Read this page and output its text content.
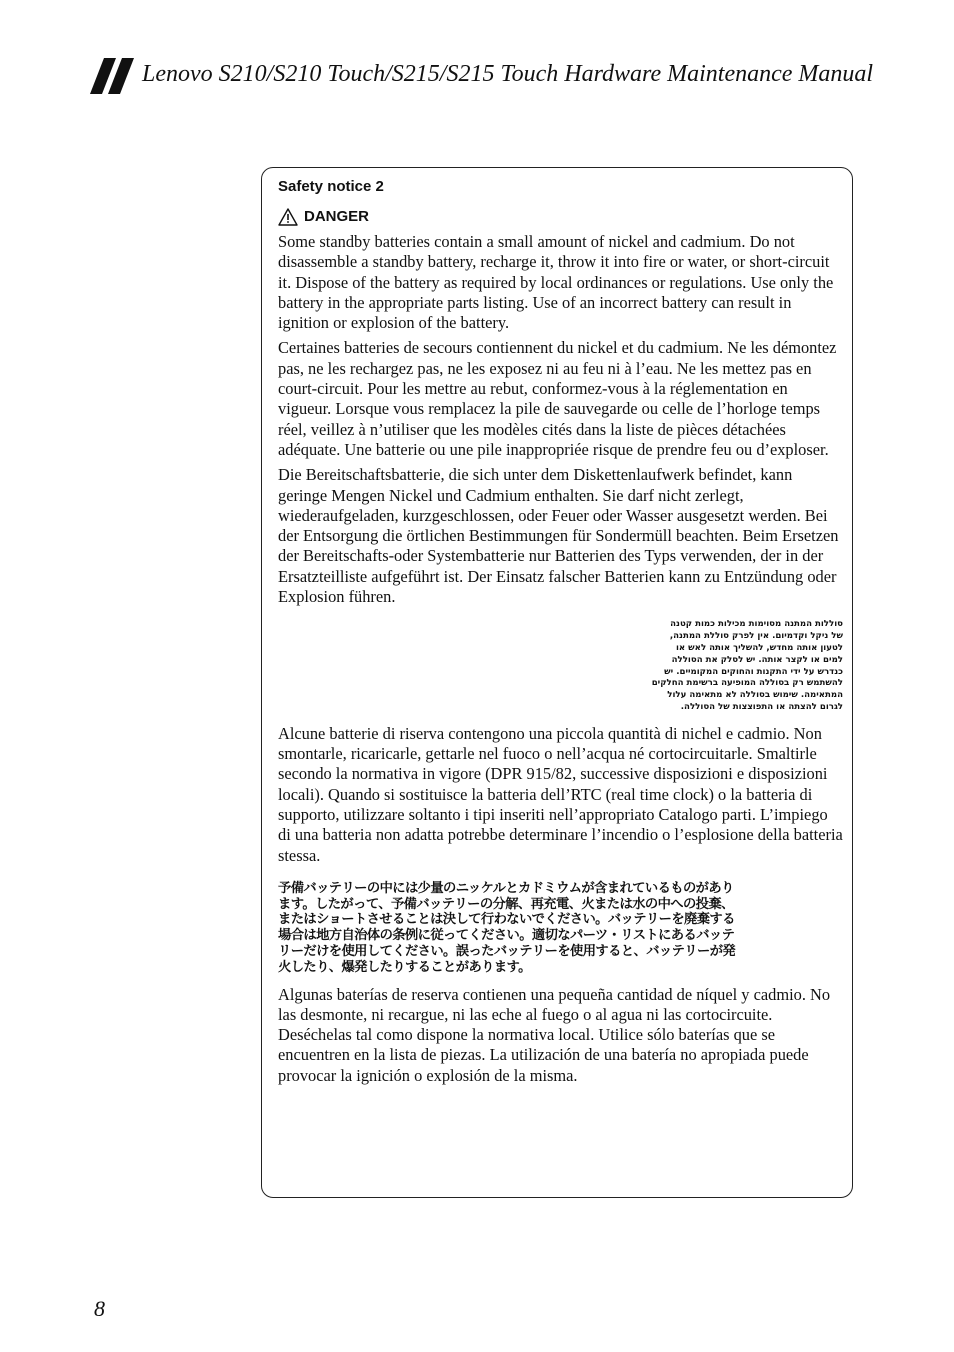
Lenovo S210/S210 Touch/S215/S215 Touch Hardware Maintenance Manual

Safety notice 2

DANGER

Some standby batteries contain a small amount of nickel and cadmium. Do not disassemble a standby battery, recharge it, throw it into fire or water, or short-circuit it. Dispose of the battery as required by local ordinances or regulations. Use only the battery in the appropriate parts listing. Use of an incorrect battery can result in ignition or explosion of the battery.

Certaines batteries de secours contiennent du nickel et du cadmium. Ne les démontez pas, ne les rechargez pas, ne les exposez ni au feu ni à l’eau. Ne les mettez pas en court-circuit. Pour les mettre au rebut, conformez-vous à la réglementation en vigueur. Lorsque vous remplacez la pile de sauvegarde ou celle de l’horloge temps réel, veillez à n’utiliser que les modèles cités dans la liste de pièces détachées adéquate. Une batterie ou une pile inappropriée risque de prendre feu ou d’exploser.

Die Bereitschaftsbatterie, die sich unter dem Diskettenlaufwerk befindet, kann geringe Mengen Nickel und Cadmium enthalten. Sie darf nicht zerlegt, wiederaufgeladen, kurzgeschlossen, oder Feuer oder Wasser ausgesetzt werden. Bei der Entsorgung die örtlichen Bestimmungen für Sondermüll beachten. Beim Ersetzen der Bereitschafts-oder Systembatterie nur Batterien des Typs verwenden, der in der Ersatzteilliste aufgeführt ist. Der Einsatz falscher Batterien kann zu Entzündung oder Explosion führen.

סוללות המתנה מסוימות מכילות כמות קטנה
של ניקל וקדמיום. אין לפרק סוללת המתנה,
לטעון אותה מחדש, להשליך אותה לאש או
למים או לקצר אותה. יש לסלק את הסוללה
כנדרש על ידי התקנות והחוקים המקומיים. יש
להשתמש רק בסוללה המופיעה ברשימת החלקים
המתאימה. שימוש בסוללה לא מתאימה עלול
לגרום להצתה או התפוצצות של הסוללה.

Alcune batterie di riserva contengono una piccola quantità di nichel e cadmio. Non smontarle, ricaricarle, gettarle nel fuoco o nell’acqua né cortocircuitarle. Smaltirle secondo la normativa in vigore (DPR 915/82, successive disposizioni e disposizioni locali). Quando si sostituisce la batteria dell’RTC (real time clock) o la batteria di supporto, utilizzare soltanto i tipi inseriti nell’appropriato Catalogo parti. L’impiego di una batteria non adatta potrebbe determinare l’incendio o l’esplosione della batteria stessa.

予備バッテリーの中には少量のニッケルとカドミウムが含まれているものがあり
ます。したがって、予備バッテリーの分解、再充電、火または水の中への投棄、
またはショートさせることは決して行わないでください。バッテリーを廃棄する
場合は地方自治体の条例に従ってください。適切なパーツ・リストにあるバッテ
リーだけを使用してください。誤ったバッテリーを使用すると、バッテリーが発
火したり、爆発したりすることがあります。

Algunas baterías de reserva contienen una pequeña cantidad de níquel y cadmio. No las desmonte, ni recargue, ni las eche al fuego o al agua ni las cortocircuite. Deséchelas tal como dispone la normativa local. Utilice sólo baterías que se encuentren en la lista de piezas. La utilización de una batería no apropiada puede provocar la ignición o explosión de la misma.

8
